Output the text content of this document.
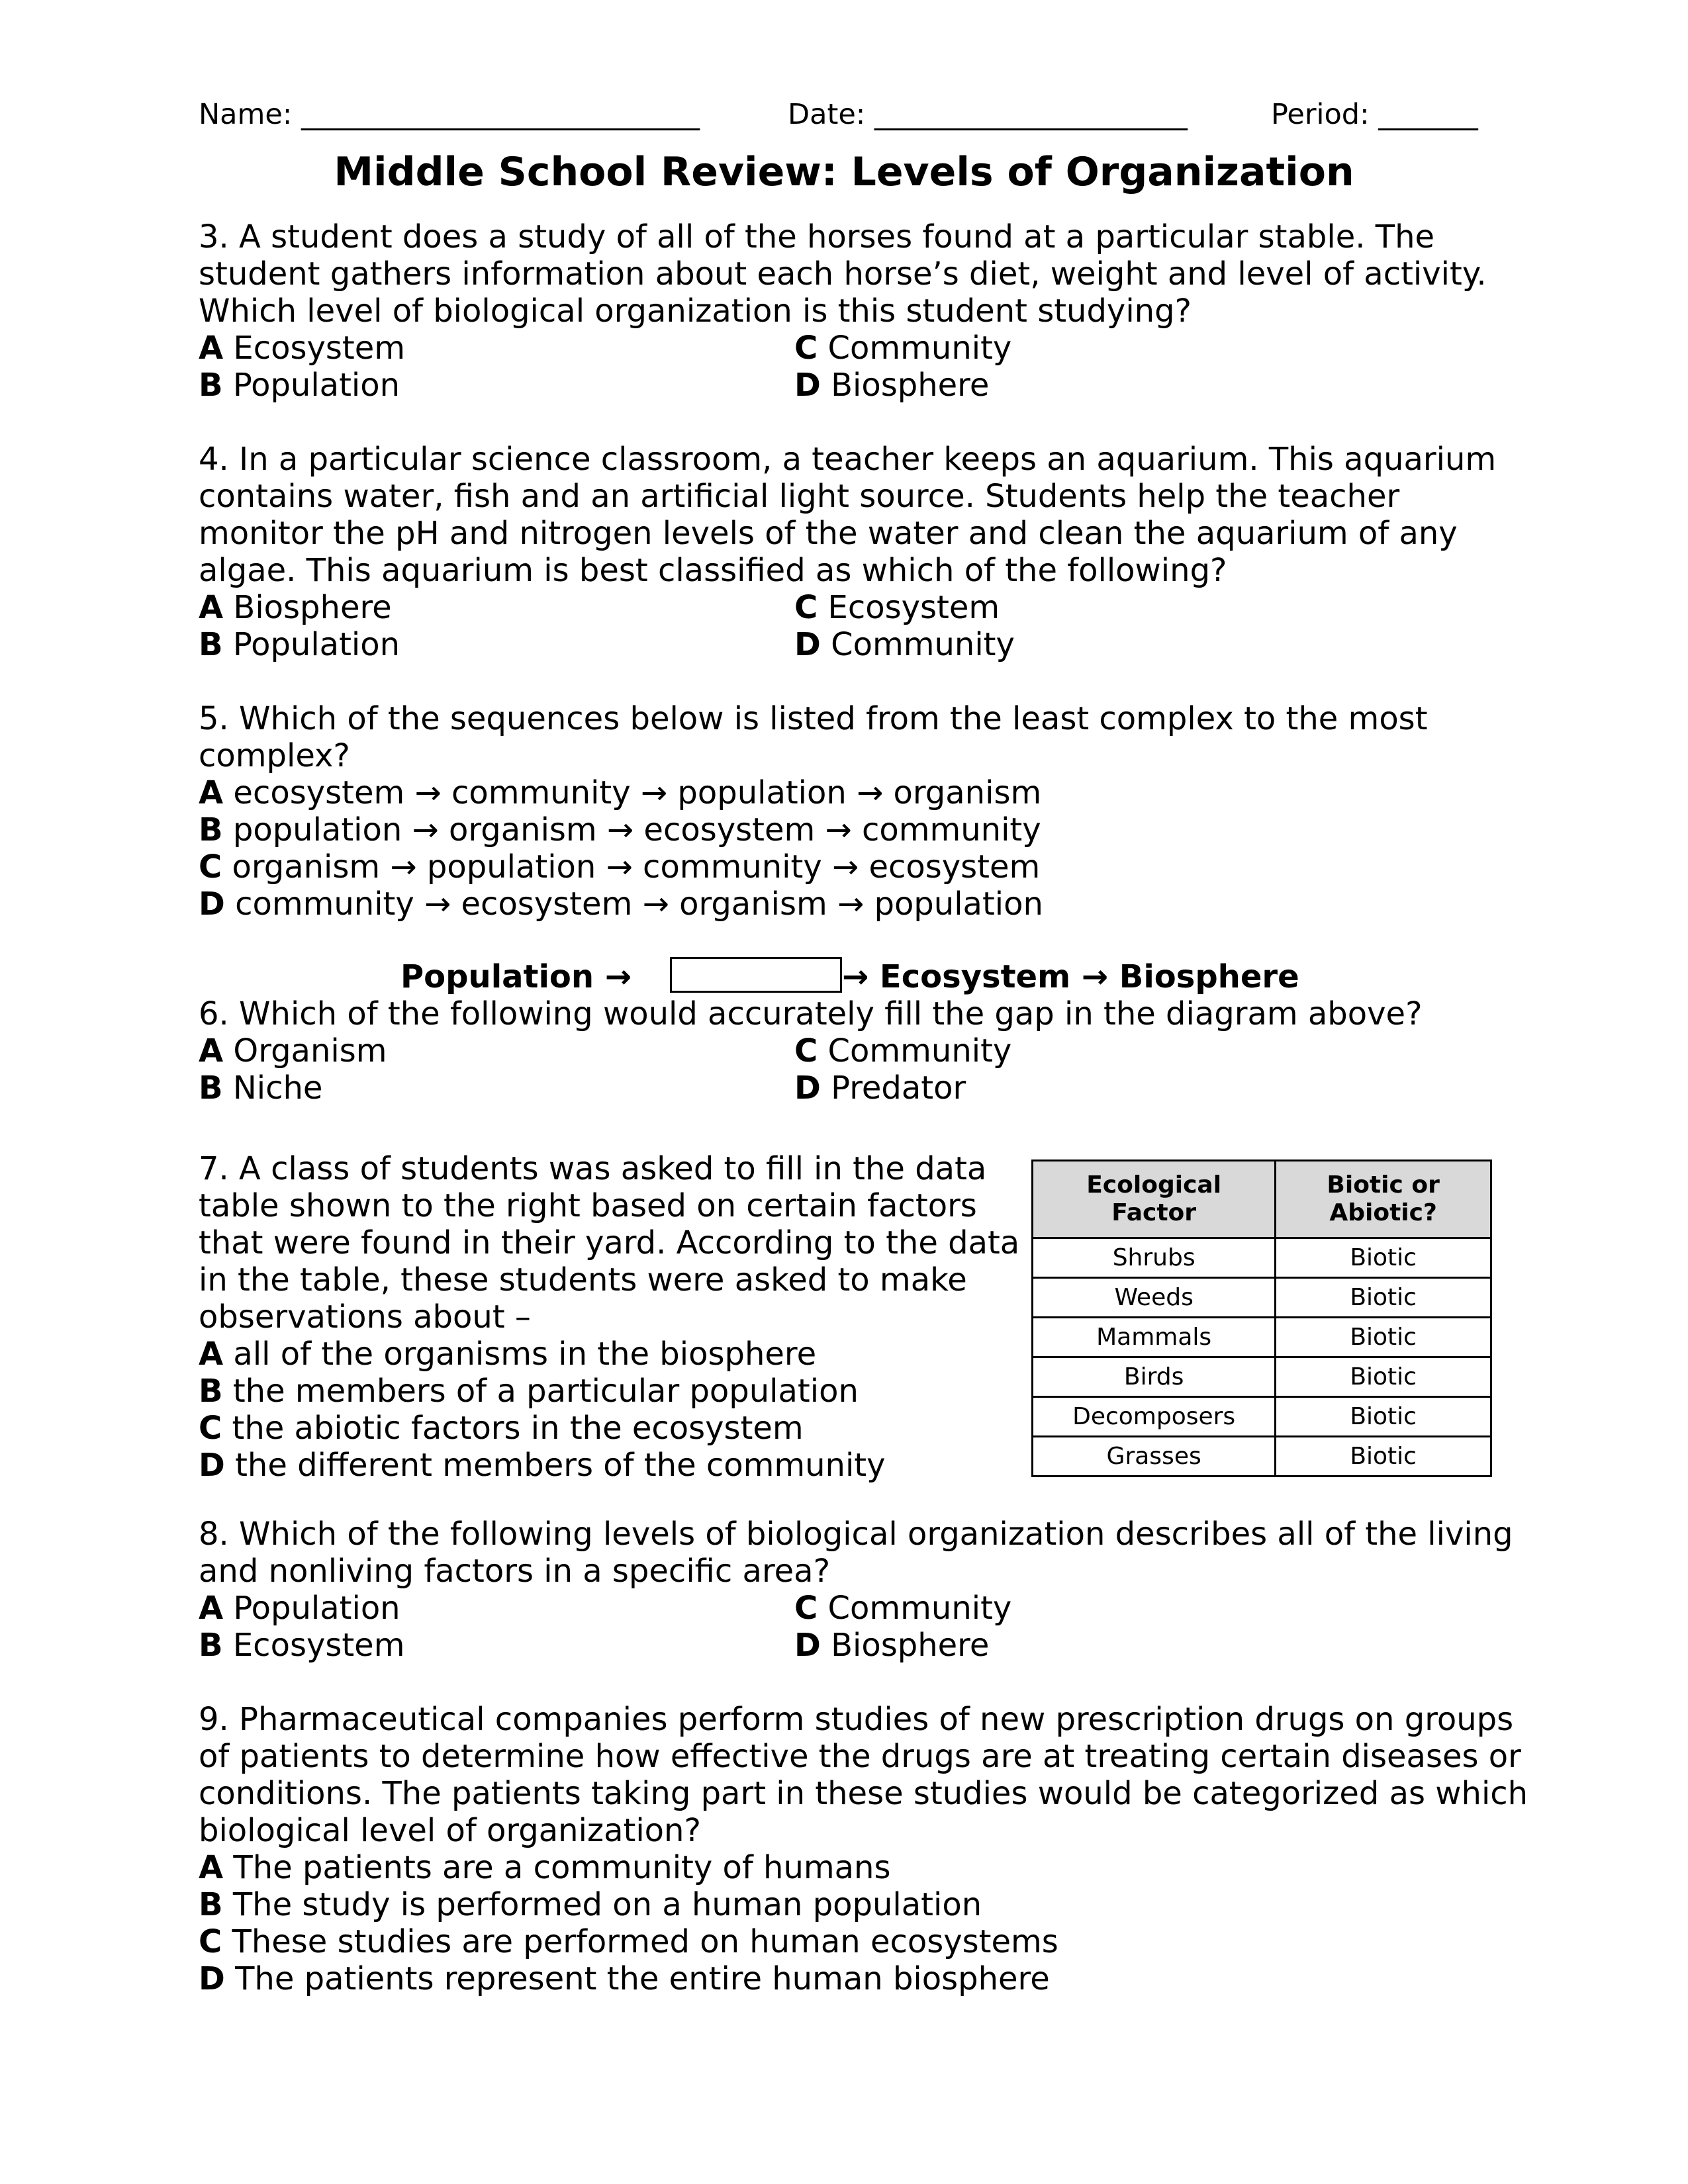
Name: ____________________________	Date: ______________________	Period: _______
Middle School Review: Levels of Organization

3. A student does a study of all of the horses found at a particular stable. The

student gathers information about each horse’s diet, weight and level of activity.

Which level of biological organization is this student studying?

A Ecosystem
B Population
C Community
D Biosphere

4. In a particular science classroom, a teacher keeps an aquarium. This aquarium

contains water, fish and an artificial light source. Students help the teacher

monitor the pH and nitrogen levels of the water and clean the aquarium of any

algae. This aquarium is best classified as which of the following?

A Biosphere
B Population
C Ecosystem
D Community

5. Which of the sequences below is listed from the least complex to the most

complex?

A ecosystem → community → population → organism
B population → organism → ecosystem → community
C organism → population → community → ecosystem
D community → ecosystem → organism → population
Population →	→ Ecosystem → Biosphere

6. Which of the following would accurately fill the gap in the diagram above?

A Organism
B Niche
C Community
D Predator

7. A class of students was asked to fill in the data

table shown to the right based on certain factors

that were found in their yard. According to the data

in the table, these students were asked to make

observations about –

A all of the organisms in the biosphere
B the members of a particular population
C the abiotic factors in the ecosystem
D the different members of the community
Ecological Factor	Biotic or Abiotic?
Shrubs	Biotic
Weeds	Biotic
Mammals	Biotic
Birds	Biotic
Decomposers	Biotic
Grasses	Biotic

8. Which of the following levels of biological organization describes all of the living

and nonliving factors in a specific area?

A Population
B Ecosystem
C Community
D Biosphere

9. Pharmaceutical companies perform studies of new prescription drugs on groups

of patients to determine how effective the drugs are at treating certain diseases or

conditions. The patients taking part in these studies would be categorized as which

biological level of organization?

A The patients are a community of humans
B The study is performed on a human population
C These studies are performed on human ecosystems
D The patients represent the entire human biosphere
